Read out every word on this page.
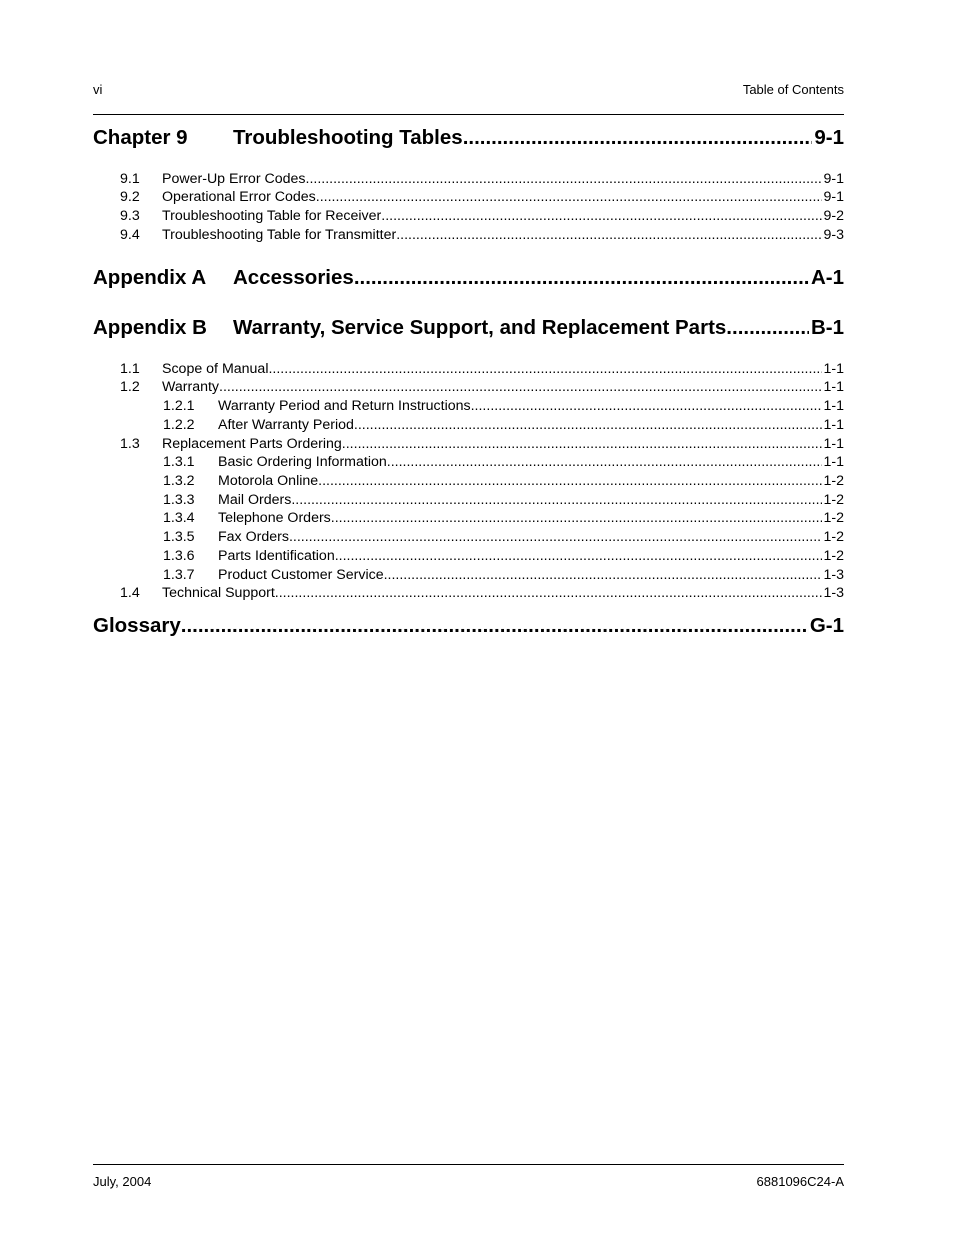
vi	Table of Contents
Chapter 9	Troubleshooting Tables .....	9-1
9.1	Power-Up Error Codes .....	9-1
9.2	Operational Error Codes .....	9-1
9.3	Troubleshooting Table for Receiver .....	9-2
9.4	Troubleshooting Table for Transmitter .....	9-3
Appendix A	Accessories .....	A-1
Appendix B	Warranty, Service Support, and Replacement Parts .....	B-1
1.1	Scope of Manual .....	1-1
1.2	Warranty .....	1-1
1.2.1	Warranty Period and Return Instructions .....	1-1
1.2.2	After Warranty Period .....	1-1
1.3	Replacement Parts Ordering .....	1-1
1.3.1	Basic Ordering Information .....	1-1
1.3.2	Motorola Online .....	1-2
1.3.3	Mail Orders .....	1-2
1.3.4	Telephone Orders .....	1-2
1.3.5	Fax Orders .....	1-2
1.3.6	Parts Identification .....	1-2
1.3.7	Product Customer Service .....	1-3
1.4	Technical Support .....	1-3
Glossary .....	G-1
July, 2004	6881096C24-A
